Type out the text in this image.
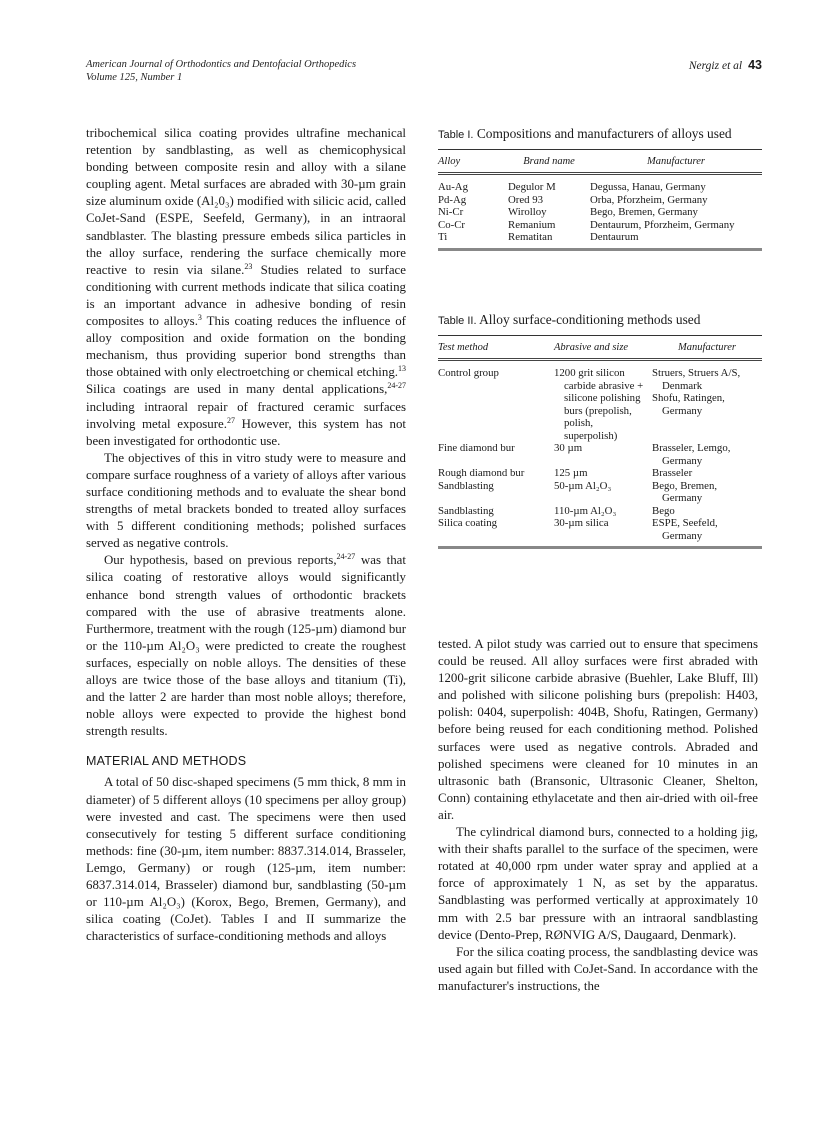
American Journal of Orthodontics and Dentofacial Orthopedics
Volume 125, Number 1
Nergiz et al 43

tribochemical silica coating provides ultrafine mechanical retention by sandblasting, as well as chemicophysical bonding between composite resin and alloy with a silane coupling agent. Metal surfaces are abraded with 30-µm grain size aluminum oxide (Al₂0₃) modified with silicic acid, called CoJet-Sand (ESPE, Seefeld, Germany), in an intraoral sandblaster. The blasting pressure embeds silica particles in the alloy surface, rendering the surface chemically more reactive to resin via silane.$^{23}$ Studies related to surface conditioning with current methods indicate that silica coating is an important advance in adhesive bonding of resin composites to alloys.$^3$ This coating reduces the influence of alloy composition and oxide formation on the bonding mechanism, thus providing superior bond strengths than those obtained with only electroetching or chemical etching.$^{13}$ Silica coatings are used in many dental applications,$^{24-27}$ including intraoral repair of fractured ceramic surfaces involving metal exposure.$^{27}$ However, this system has not been investigated for orthodontic use.

The objectives of this in vitro study were to measure and compare surface roughness of a variety of alloys after various surface conditioning methods and to evaluate the shear bond strengths of metal brackets bonded to treated alloy surfaces with 5 different conditioning methods; polished surfaces served as negative controls.

Our hypothesis, based on previous reports,$^{24-27}$ was that silica coating of restorative alloys would significantly enhance bond strength values of orthodontic brackets compared with the use of abrasive treatments alone. Furthermore, treatment with the rough (125-µm) diamond bur or the 110-µm Al₂O₃ were predicted to create the roughest surfaces, especially on noble alloys. The densities of these alloys are twice those of the base alloys and titanium (Ti), and the latter 2 are harder than most noble alloys; therefore, noble alloys were expected to provide the highest bond strength results.

MATERIAL AND METHODS

A total of 50 disc-shaped specimens (5 mm thick, 8 mm in diameter) of 5 different alloys (10 specimens per alloy group) were invested and cast. The specimens were then used consecutively for testing 5 different surface conditioning methods: fine (30-µm, item number: 8837.314.014, Brasseler, Lemgo, Germany) or rough (125-µm, item number: 6837.314.014, Brasseler) diamond bur, sandblasting (50-µm or 110-µm Al₂O₃) (Korox, Bego, Bremen, Germany), and silica coating (CoJet). Tables I and II summarize the characteristics of surface-conditioning methods and alloys

Table I. Compositions and manufacturers of alloys used
Alloy	Brand name	Manufacturer
Au-Ag	Degulor M	Degussa, Hanau, Germany
Pd-Ag	Ored 93	Orba, Pforzheim, Germany
Ni-Cr	Wirolloy	Bego, Bremen, Germany
Co-Cr	Remanium	Dentaurum, Pforzheim, Germany
Ti	Rematitan	Dentaurum
Table II. Alloy surface-conditioning methods used
Test method	Abrasive and size	Manufacturer
Control group	1200 grit silicon carbide abrasive + silicone polishing burs (prepolish, polish, superpolish)	Struers, Struers A/S, Denmark
Shofu, Ratingen, Germany

Fine diamond bur	30 µm	Brasseler, Lemgo, Germany

Rough diamond bur	125 µm	Brasseler
Sandblasting	50-µm Al₂O₃	Bego, Bremen, Germany

Sandblasting	110-µm Al₂O₃	Bego
Silica coating	30-µm silica	ESPE, Seefeld, Germany

tested. A pilot study was carried out to ensure that specimens could be reused. All alloy surfaces were first abraded with 1200-grit silicone carbide abrasive (Buehler, Lake Bluff, Ill) and polished with silicone polishing burs (prepolish: H403, polish: 0404, superpolish: 404B, Shofu, Ratingen, Germany) before being reused for each conditioning method. Polished surfaces were used as negative controls. Abraded and polished specimens were cleaned for 10 minutes in an ultrasonic bath (Bransonic, Ultrasonic Cleaner, Shelton, Conn) containing ethylacetate and then air-dried with oil-free air.

The cylindrical diamond burs, connected to a holding jig, with their shafts parallel to the surface of the specimen, were rotated at 40,000 rpm under water spray and applied at a force of approximately 1 N, as set by the apparatus. Sandblasting was performed vertically at approximately 10 mm with 2.5 bar pressure with an intraoral sandblasting device (Dento-Prep, RØNVIG A/S, Daugaard, Denmark).

For the silica coating process, the sandblasting device was used again but filled with CoJet-Sand. In accordance with the manufacturer's instructions, the
